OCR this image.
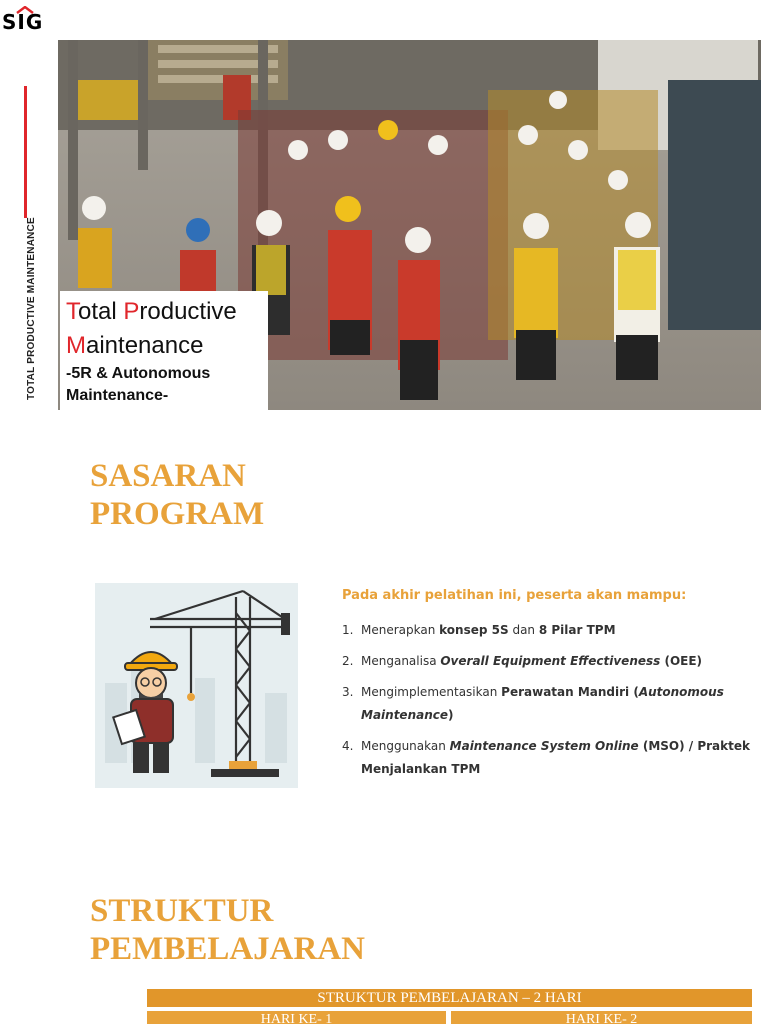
SIG
TOTAL PRODUCTIVE MAINTENANCE Total Productive
Maintenance
-5R & Autonomous
Maintenance-
SASARAN
PROGRAM
Pada akhir pelatihan ini, peserta akan mampu:
1. Menerapkan konsep 5S dan 8 Pilar TPM
2. Menganalisa Overall Equipment Effectiveness (OEE)
3. Mengimplementasikan Perawatan Mandiri (Autonomous Maintenance)
4. Menggunakan Maintenance System Online (MSO) / Praktek Menjalankan TPM
STRUKTUR
PEMBELAJARAN
STRUKTUR PEMBELAJARAN – 2 HARI
HARI KE- 1	HARI KE- 2
